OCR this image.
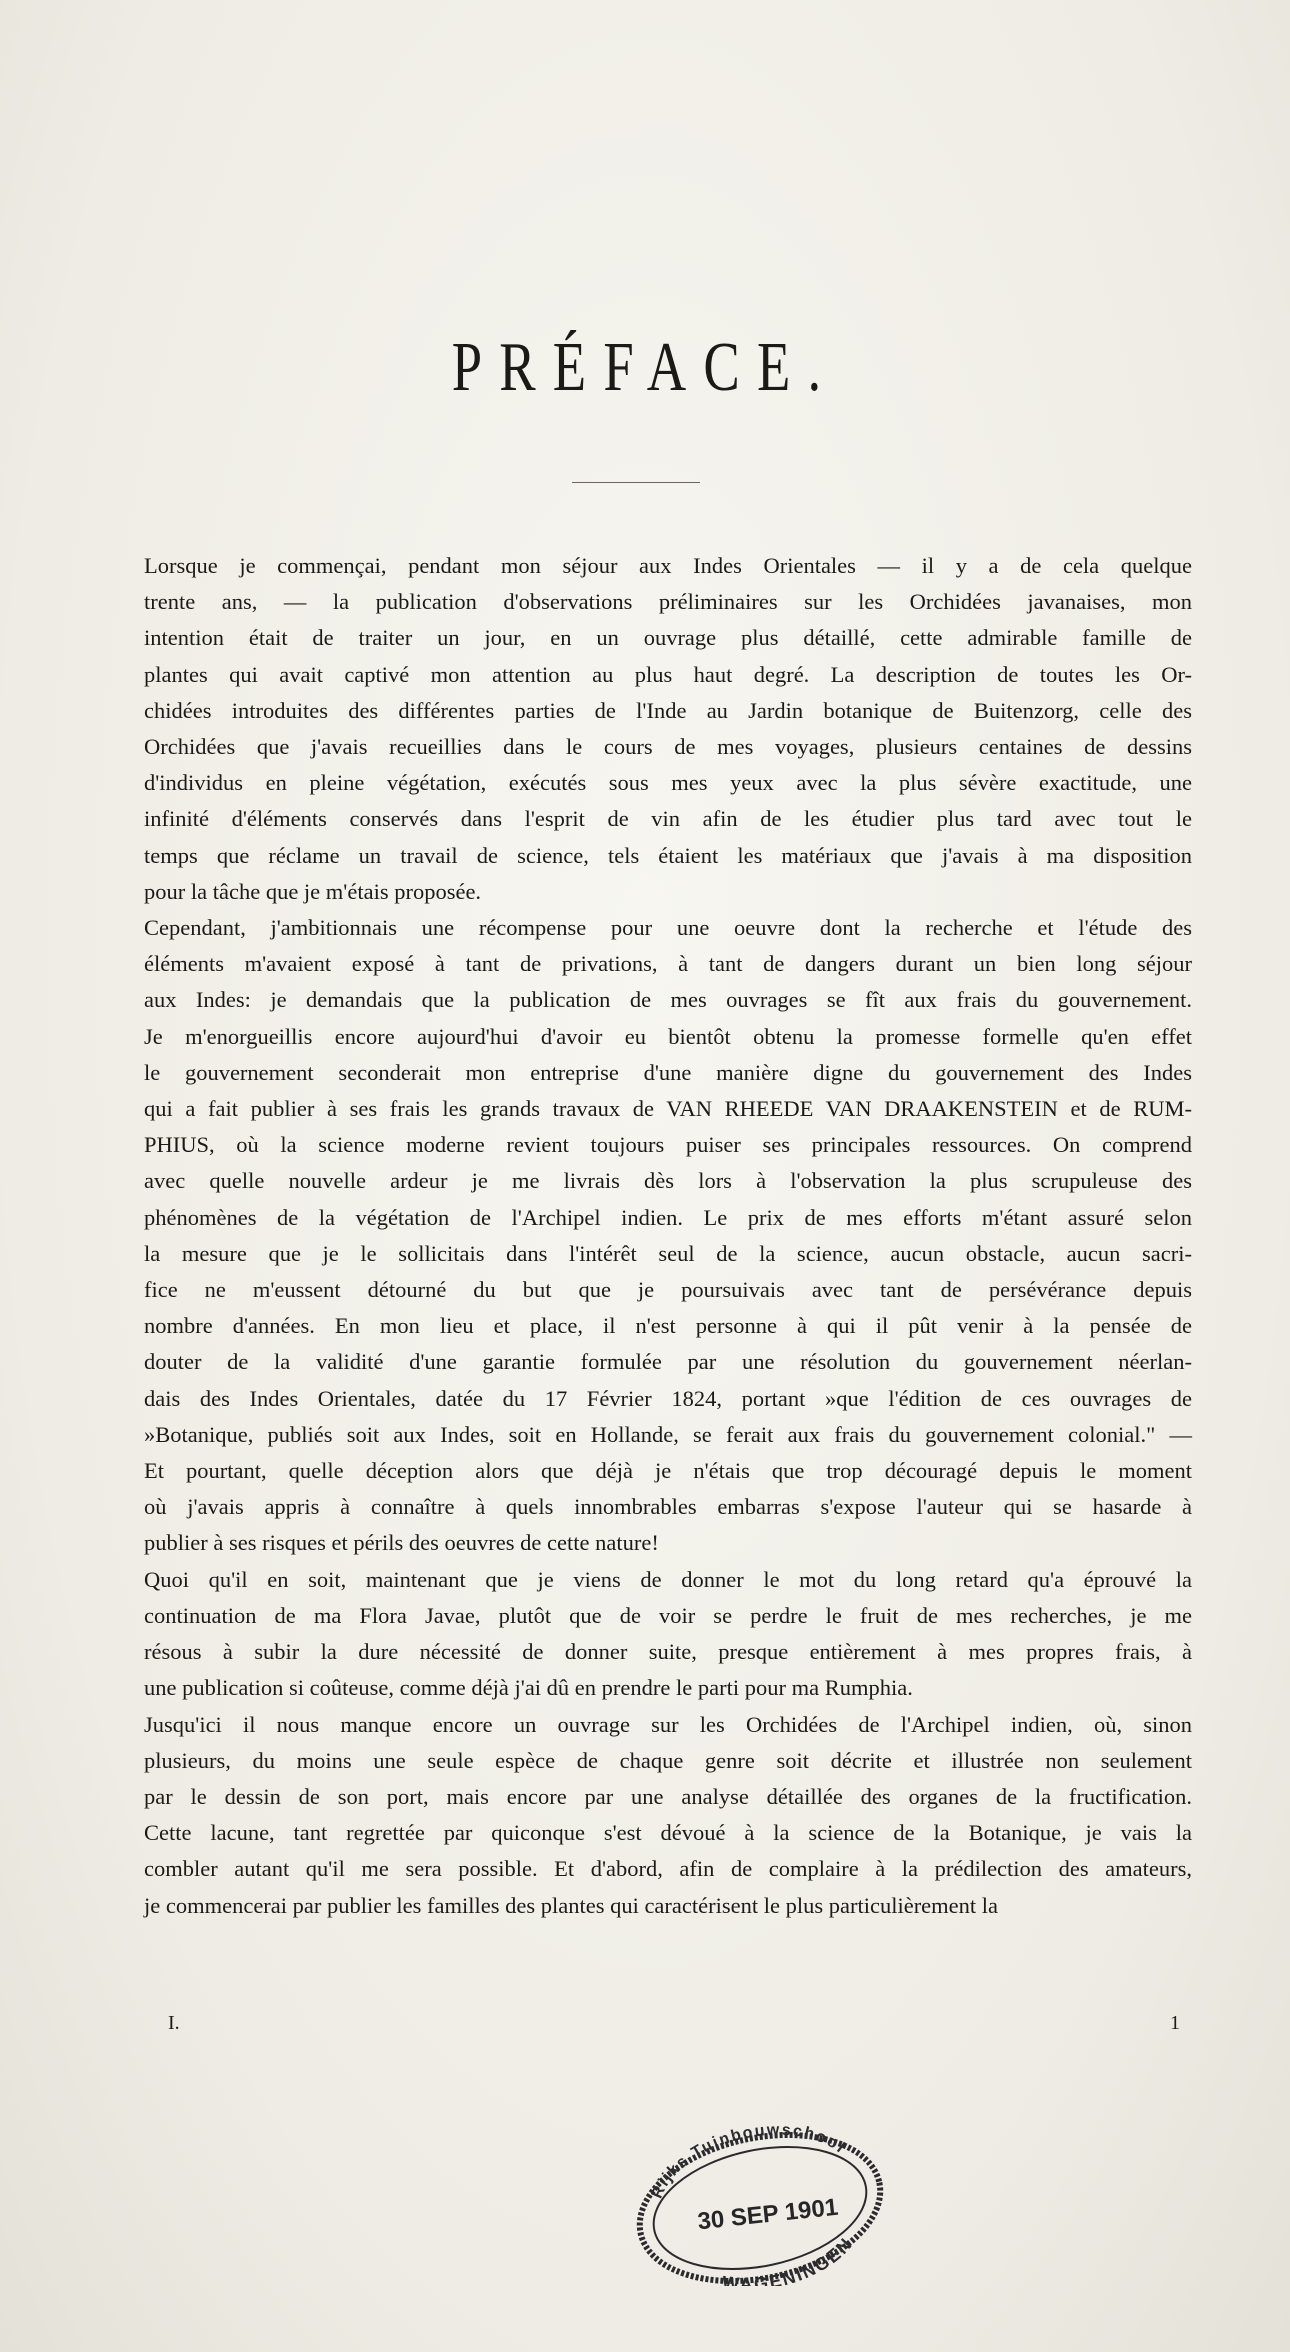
PRÉFACE.
Lorsque je commençai, pendant mon séjour aux Indes Orientales — il y a de cela quelque
trente ans, — la publication d'observations préliminaires sur les Orchidées javanaises, mon
intention était de traiter un jour, en un ouvrage plus détaillé, cette admirable famille de
plantes qui avait captivé mon attention au plus haut degré. La description de toutes les Or-
chidées introduites des différentes parties de l'Inde au Jardin botanique de Buitenzorg, celle des
Orchidées que j'avais recueillies dans le cours de mes voyages, plusieurs centaines de dessins
d'individus en pleine végétation, exécutés sous mes yeux avec la plus sévère exactitude, une
infinité d'éléments conservés dans l'esprit de vin afin de les étudier plus tard avec tout le
temps que réclame un travail de science, tels étaient les matériaux que j'avais à ma disposition
pour la tâche que je m'étais proposée.
Cependant, j'ambitionnais une récompense pour une oeuvre dont la recherche et l'étude des
éléments m'avaient exposé à tant de privations, à tant de dangers durant un bien long séjour
aux Indes: je demandais que la publication de mes ouvrages se fît aux frais du gouvernement.
Je m'enorgueillis encore aujourd'hui d'avoir eu bientôt obtenu la promesse formelle qu'en effet
le gouvernement seconderait mon entreprise d'une manière digne du gouvernement des Indes
qui a fait publier à ses frais les grands travaux de VAN RHEEDE VAN DRAAKENSTEIN et de RUM-
PHIUS, où la science moderne revient toujours puiser ses principales ressources. On comprend
avec quelle nouvelle ardeur je me livrais dès lors à l'observation la plus scrupuleuse des
phénomènes de la végétation de l'Archipel indien. Le prix de mes efforts m'étant assuré selon
la mesure que je le sollicitais dans l'intérêt seul de la science, aucun obstacle, aucun sacri-
fice ne m'eussent détourné du but que je poursuivais avec tant de persévérance depuis
nombre d'années. En mon lieu et place, il n'est personne à qui il pût venir à la pensée de
douter de la validité d'une garantie formulée par une résolution du gouvernement néerlan-
dais des Indes Orientales, datée du 17 Février 1824, portant »que l'édition de ces ouvrages de
»Botanique, publiés soit aux Indes, soit en Hollande, se ferait aux frais du gouvernement colonial." —
Et pourtant, quelle déception alors que déjà je n'étais que trop découragé depuis le moment
où j'avais appris à connaître à quels innombrables embarras s'expose l'auteur qui se hasarde à
publier à ses risques et périls des oeuvres de cette nature!
Quoi qu'il en soit, maintenant que je viens de donner le mot du long retard qu'a éprouvé la
continuation de ma Flora Javae, plutôt que de voir se perdre le fruit de mes recherches, je me
résous à subir la dure nécessité de donner suite, presque entièrement à mes propres frais, à
une publication si coûteuse, comme déjà j'ai dû en prendre le parti pour ma Rumphia.
Jusqu'ici il nous manque encore un ouvrage sur les Orchidées de l'Archipel indien, où, sinon
plusieurs, du moins une seule espèce de chaque genre soit décrite et illustrée non seulement
par le dessin de son port, mais encore par une analyse détaillée des organes de la fructification.
Cette lacune, tant regrettée par quiconque s'est dévoué à la science de la Botanique, je vais la
combler autant qu'il me sera possible. Et d'abord, afin de complaire à la prédilection des amateurs,
je commencerai par publier les familles des plantes qui caractérisent le plus particulièrement la
I.	1
Rijks Tuinbouwschool
30 SEP 1901
WAGENINGEN
